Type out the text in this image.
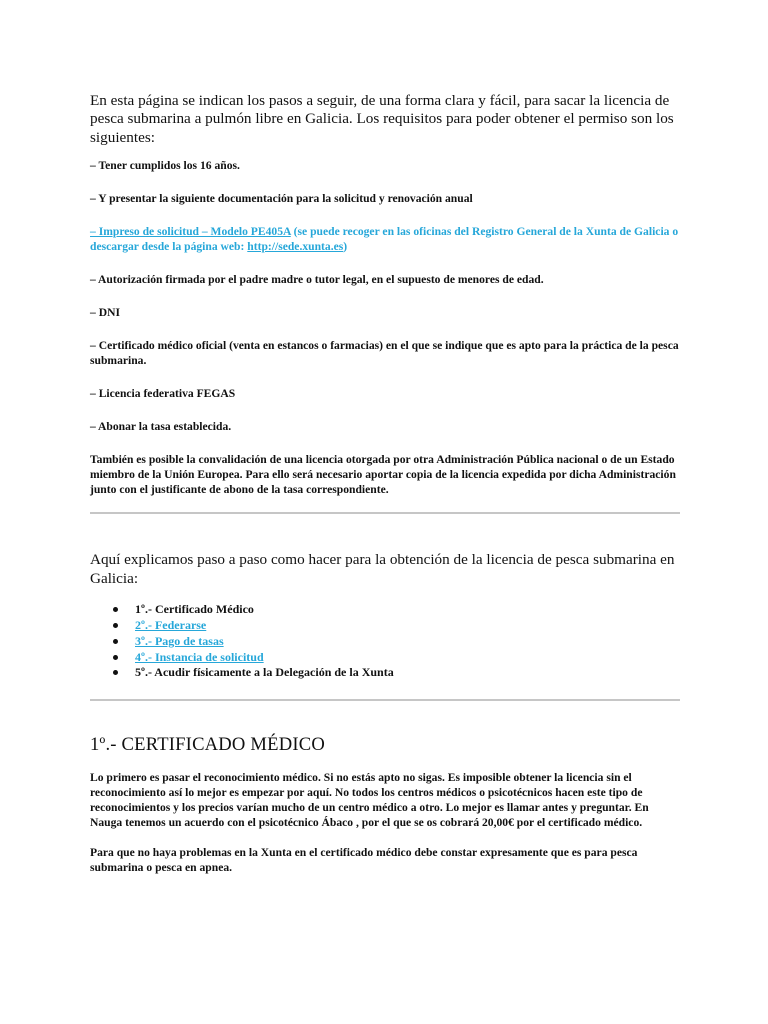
En esta página se indican los pasos a seguir, de una forma clara y fácil, para sacar la licencia de pesca submarina a pulmón libre en Galicia. Los requisitos para poder obtener el permiso son los siguientes:

– Tener cumplidos los 16 años.

– Y presentar la siguiente documentación para la solicitud y renovación anual

– Impreso de solicitud – Modelo PE405A (se puede recoger en las oficinas del Registro General de la Xunta de Galicia o descargar desde la página web: http://sede.xunta.es)

– Autorización firmada por el padre madre o tutor legal, en el supuesto de menores de edad.

– DNI

– Certificado médico oficial (venta en estancos o farmacias) en el que se indique que es apto para la práctica de la pesca submarina.

– Licencia federativa FEGAS

– Abonar la tasa establecida.

También es posible la convalidación de una licencia otorgada por otra Administración Pública nacional o de un Estado miembro de la Unión Europea. Para ello será necesario aportar copia de la licencia expedida por dicha Administración junto con el justificante de abono de la tasa correspondiente.

Aquí explicamos paso a paso como hacer para la obtención de la licencia de pesca submarina en Galicia:

1º.- Certificado Médico
2º.- Federarse
3º.- Pago de tasas
4º.- Instancia de solicitud
5º.- Acudir físicamente a la Delegación de la Xunta
1º.- CERTIFICADO MÉDICO

Lo primero es pasar el reconocimiento médico. Si no estás apto no sigas. Es imposible obtener la licencia sin el reconocimiento así lo mejor es empezar por aquí. No todos los centros médicos o psicotécnicos hacen este tipo de reconocimientos y los precios varían mucho de un centro médico a otro. Lo mejor es llamar antes y preguntar. En Nauga tenemos un acuerdo con el psicotécnico Ábaco , por el que se os cobrará 20,00€ por el certificado médico.

Para que no haya problemas en la Xunta en el certificado médico debe constar expresamente que es para pesca submarina o pesca en apnea.
